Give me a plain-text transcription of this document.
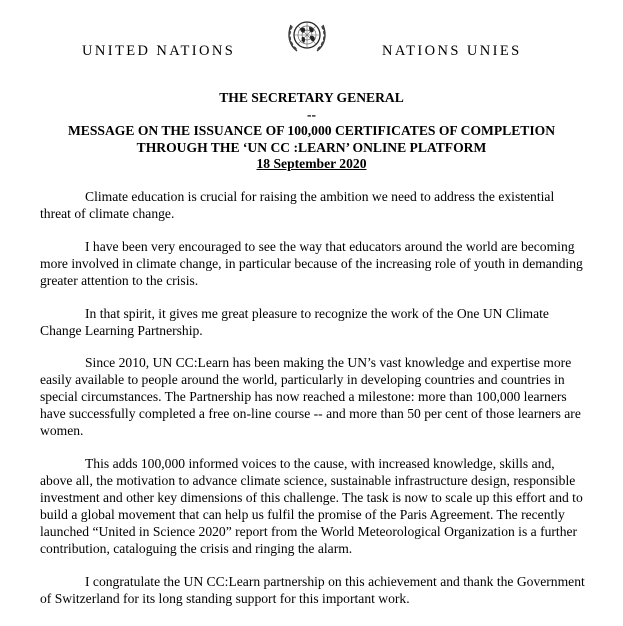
UNITED NATIONS	NATIONS UNIES
THE SECRETARY GENERAL
--
MESSAGE ON THE ISSUANCE OF 100,000 CERTIFICATES OF COMPLETION
THROUGH THE ‘UN CC :LEARN’ ONLINE PLATFORM
18 September 2020

Climate education is crucial for raising the ambition we need to address the existential threat of climate change.

I have been very encouraged to see the way that educators around the world are becoming more involved in climate change, in particular because of the increasing role of youth in demanding greater attention to the crisis.

In that spirit, it gives me great pleasure to recognize the work of the One UN Climate Change Learning Partnership.

Since 2010, UN CC:Learn has been making the UN’s vast knowledge and expertise more easily available to people around the world, particularly in developing countries and countries in special circumstances. The Partnership has now reached a milestone: more than 100,000 learners have successfully completed a free on-line course -- and more than 50 per cent of those learners are women.

This adds 100,000 informed voices to the cause, with increased knowledge, skills and, above all, the motivation to advance climate science, sustainable infrastructure design, responsible investment and other key dimensions of this challenge. The task is now to scale up this effort and to build a global movement that can help us fulfil the promise of the Paris Agreement. The recently launched “United in Science 2020” report from the World Meteorological Organization is a further contribution, cataloguing the crisis and ringing the alarm.

I congratulate the UN CC:Learn partnership on this achievement and thank the Government of Switzerland for its long standing support for this important work.
